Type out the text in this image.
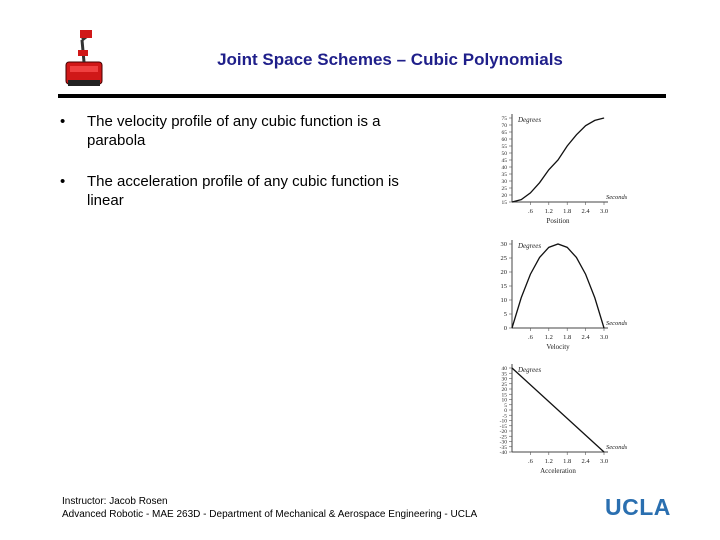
Joint Space Schemes – Cubic Polynomials
•	The velocity profile of any cubic function is a parabola
•	The acceleration profile of any cubic function is linear	15
20
25
30
35
40
45
50
55
60
65
70
75
.6 1.2 1.8 2.4 3.0
Degrees
Seconds
Position
0
5
10
15
20
25
30
.6 1.2 1.8 2.4 3.0
Degrees
Seconds
Velocity
40
35
30
25
20
15
10
5
0
-5
-10
-15
-20
-25
-30
-35
-40
.6 1.2 1.8 2.4 3.0
Degrees
Seconds
Acceleration
Instructor: Jacob Rosen
Advanced Robotic - MAE 263D - Department of Mechanical & Aerospace Engineering - UCLA	UCLA
